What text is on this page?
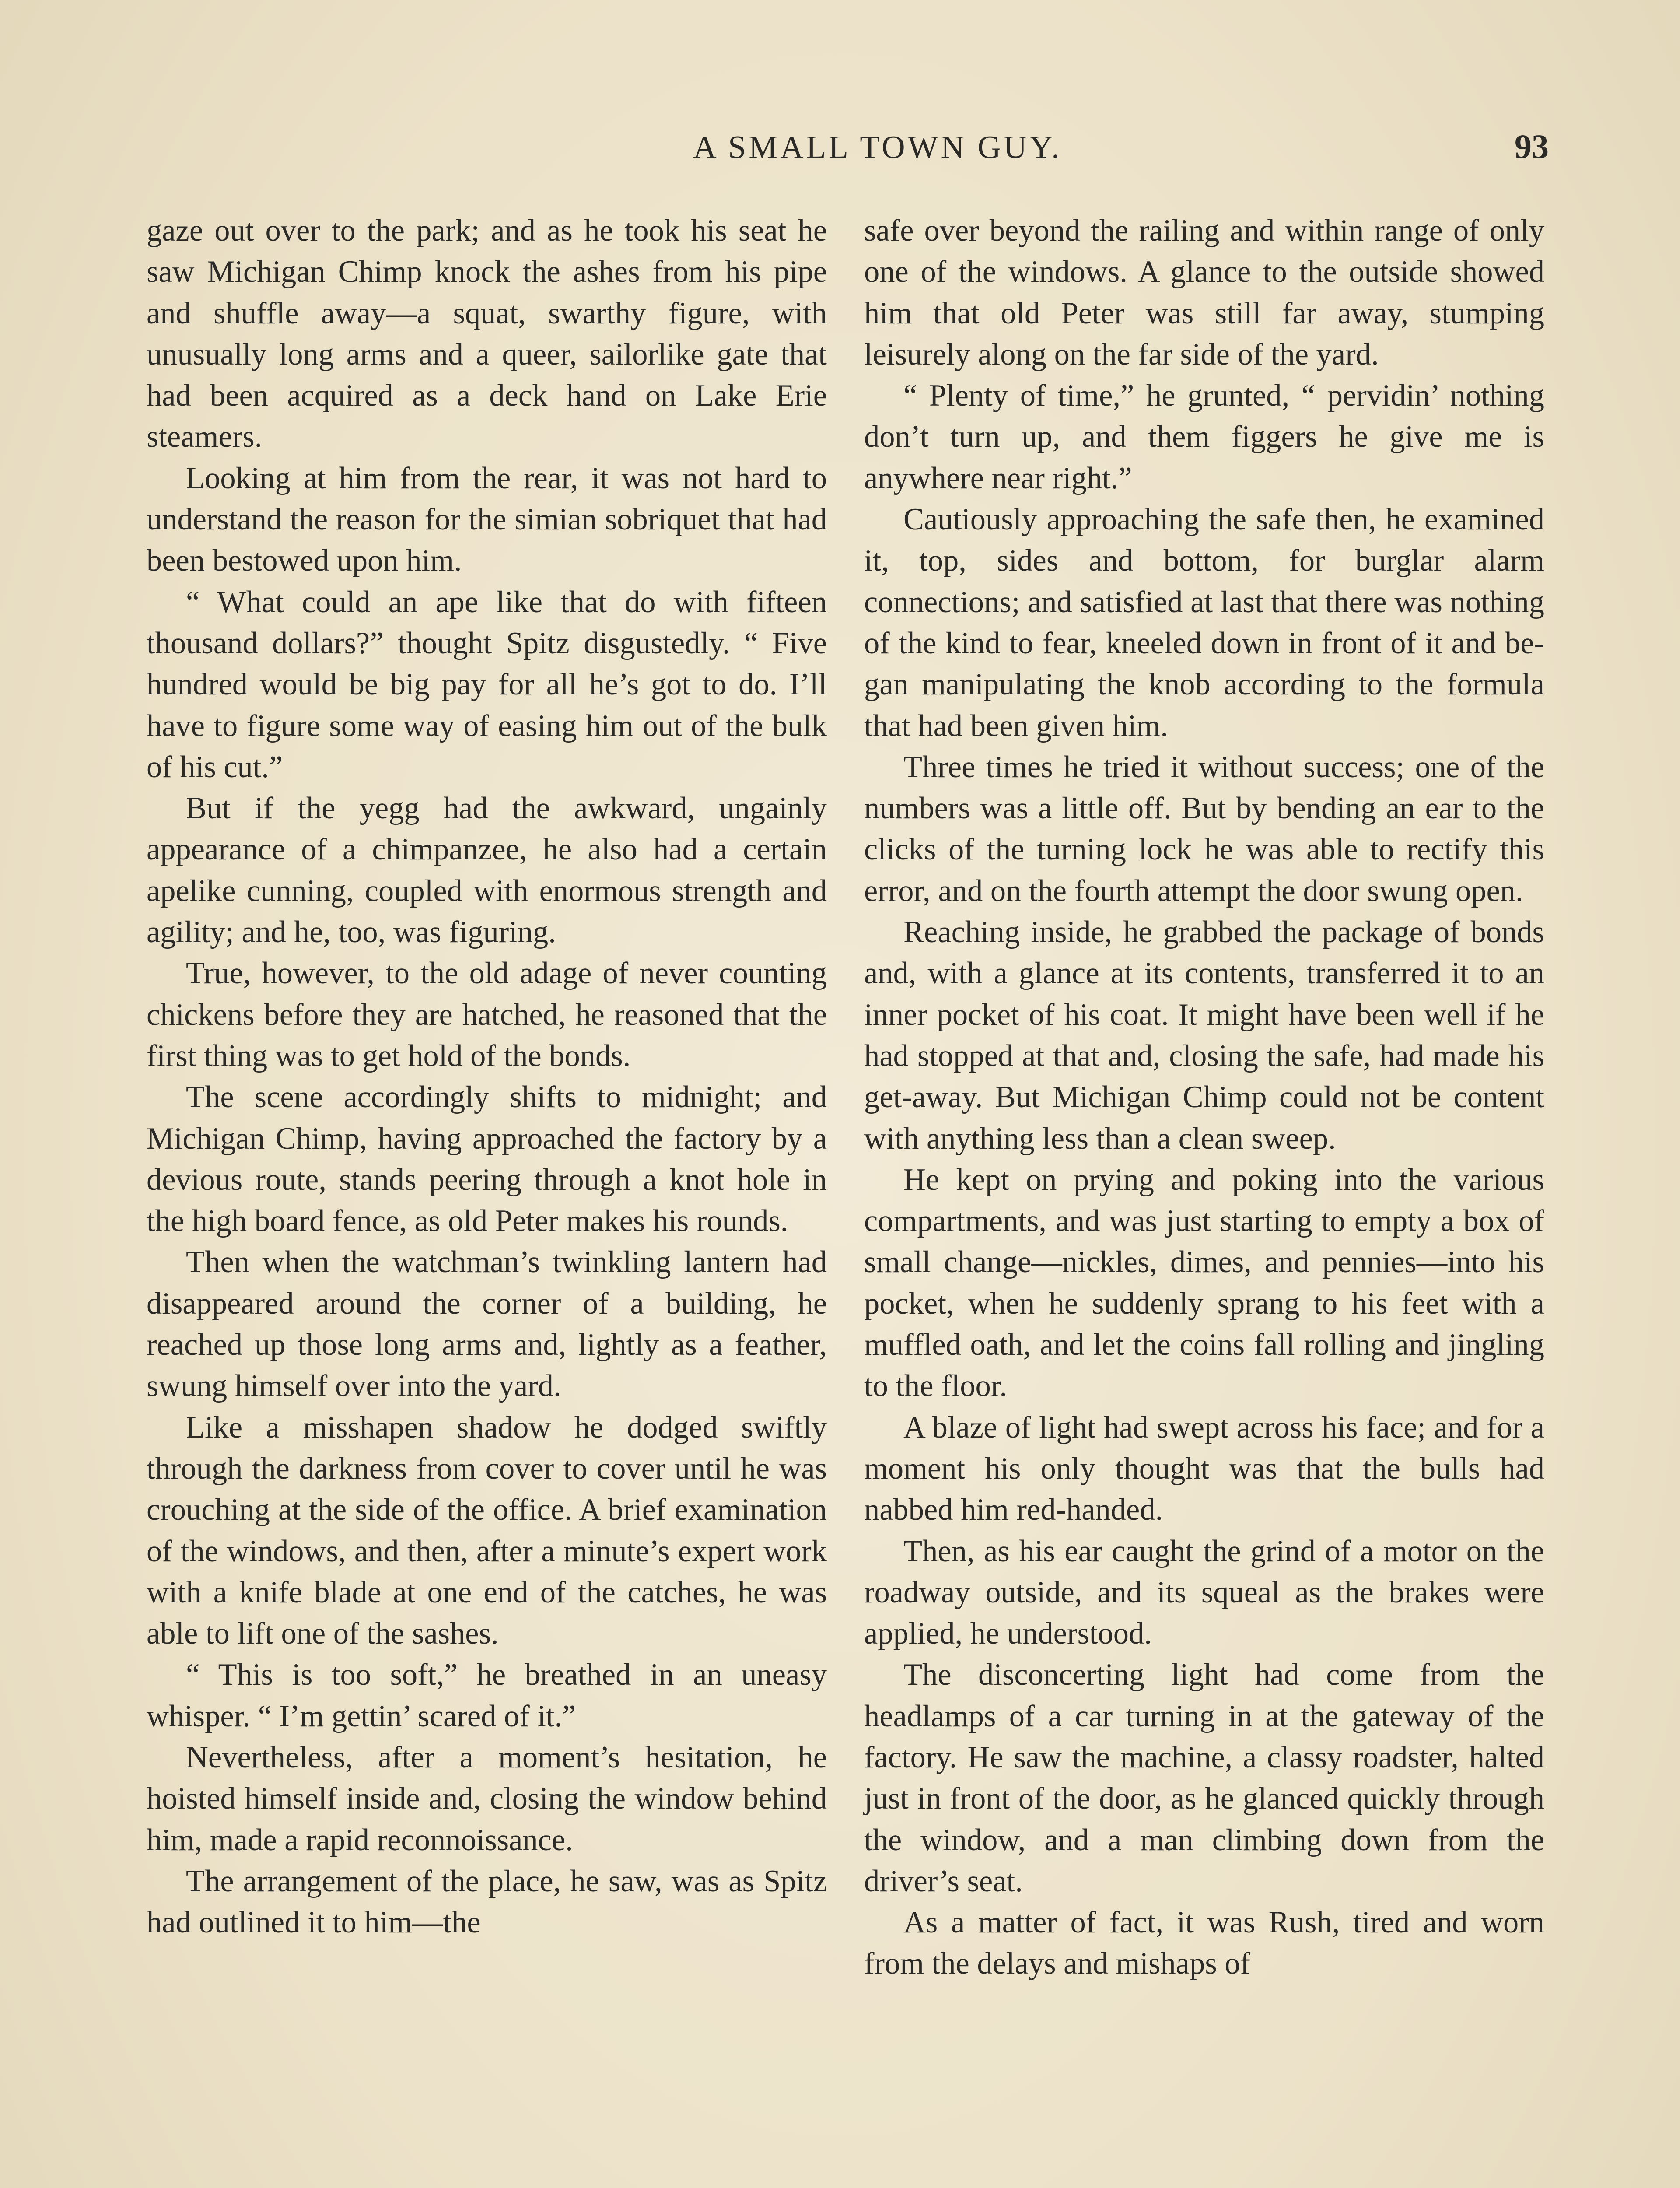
A SMALL TOWN GUY.	93

gaze out over to the park; and as he took his seat he saw Michigan Chimp knock the ashes from his pipe and shuffle away—a squat, swarthy figure, with unusually long arms and a queer, sailorlike gate that had been acquired as a deck hand on Lake Erie steamers.

Looking at him from the rear, it was not hard to understand the reason for the simian sobriquet that had been bestowed upon him.

“ What could an ape like that do with fifteen thousand dollars?” thought Spitz disgustedly. “ Five hundred would be big pay for all he’s got to do. I’ll have to figure some way of easing him out of the bulk of his cut.”

But if the yegg had the awkward, ungainly appearance of a chimpanzee, he also had a certain apelike cunning, coupled with enormous strength and agility; and he, too, was figuring.

True, however, to the old adage of never counting chickens before they are hatched, he reasoned that the first thing was to get hold of the bonds.

The scene accordingly shifts to midnight; and Michigan Chimp, having approached the factory by a devious route, stands peering through a knot hole in the high board fence, as old Peter makes his rounds.

Then when the watchman’s twinkling lantern had disappeared around the corner of a building, he reached up those long arms and, lightly as a feather, swung himself over into the yard.

Like a misshapen shadow he dodged swiftly through the darkness from cover to cover until he was crouching at the side of the office. A brief examination of the windows, and then, after a minute’s expert work with a knife blade at one end of the catches, he was able to lift one of the sashes.

“ This is too soft,” he breathed in an uneasy whisper. “ I’m gettin’ scared of it.”

Nevertheless, after a moment’s hesitation, he hoisted himself inside and, closing the window behind him, made a rapid reconnoissance.

The arrangement of the place, he saw, was as Spitz had outlined it to him—the

safe over beyond the railing and within range of only one of the windows. A glance to the outside showed him that old Peter was still far away, stumping leisurely along on the far side of the yard.

“ Plenty of time,” he grunted, “ pervidin’ nothing don’t turn up, and them figgers he give me is anywhere near right.”

Cautiously approaching the safe then, he examined it, top, sides and bottom, for burglar alarm connections; and satisfied at last that there was nothing of the kind to fear, kneeled down in front of it and began manipulating the knob according to the formula that had been given him.

Three times he tried it without success; one of the numbers was a little off. But by bending an ear to the clicks of the turning lock he was able to rectify this error, and on the fourth attempt the door swung open.

Reaching inside, he grabbed the package of bonds and, with a glance at its contents, transferred it to an inner pocket of his coat. It might have been well if he had stopped at that and, closing the safe, had made his get-away. But Michigan Chimp could not be content with anything less than a clean sweep.

He kept on prying and poking into the various compartments, and was just starting to empty a box of small change—nickles, dimes, and pennies—into his pocket, when he suddenly sprang to his feet with a muffled oath, and let the coins fall rolling and jingling to the floor.

A blaze of light had swept across his face; and for a moment his only thought was that the bulls had nabbed him red-handed.

Then, as his ear caught the grind of a motor on the roadway outside, and its squeal as the brakes were applied, he understood.

The disconcerting light had come from the headlamps of a car turning in at the gateway of the factory. He saw the machine, a classy roadster, halted just in front of the door, as he glanced quickly through the window, and a man climbing down from the driver’s seat.

As a matter of fact, it was Rush, tired and worn from the delays and mishaps of
